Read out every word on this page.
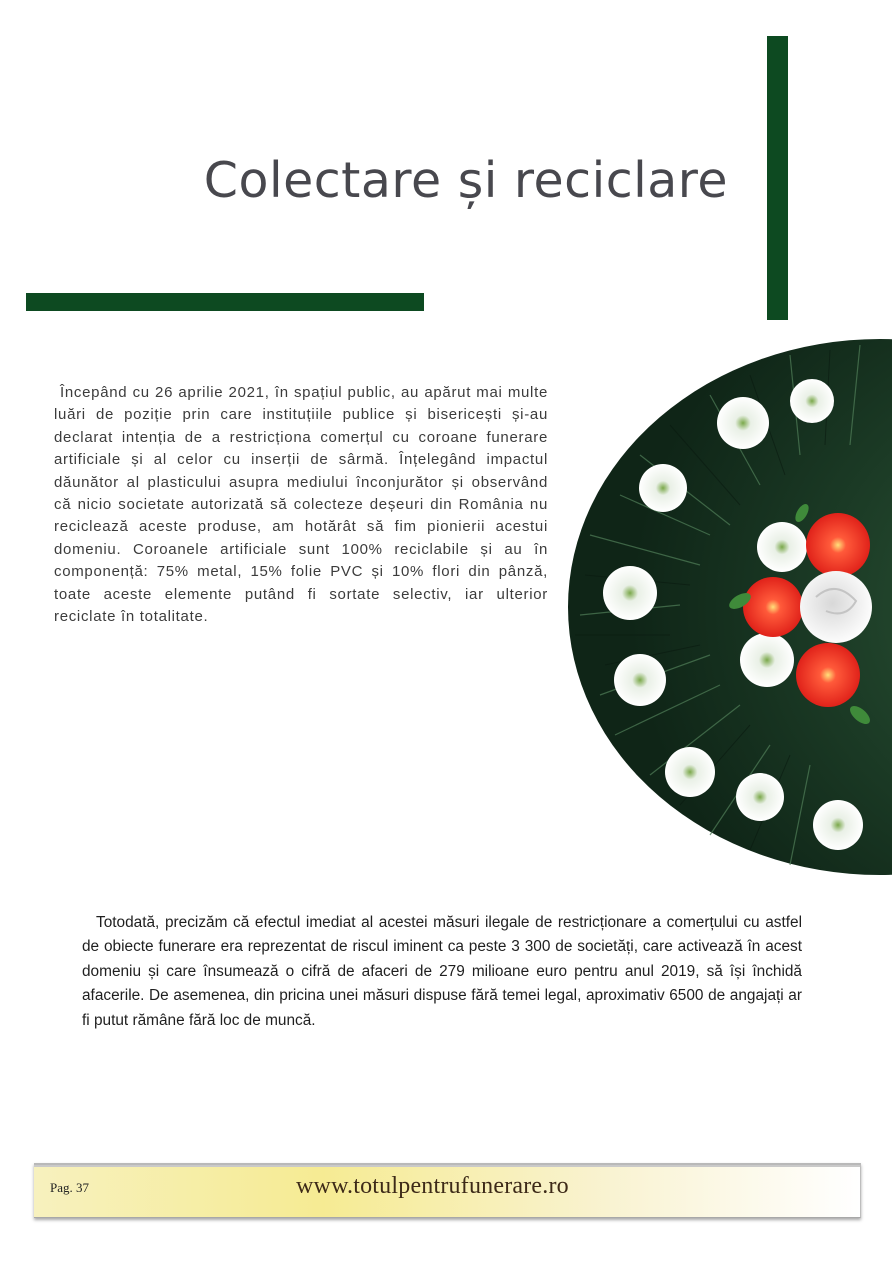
Colectare și reciclare
Începând cu 26 aprilie 2021, în spațiul public, au apărut mai multe luări de poziție prin care instituțiile publice și bisericești și-au declarat intenția de a restricționa comerțul cu coroane funerare artificiale și al celor cu inserții de sârmă. Înțelegând impactul dăunător al plasticului asupra mediului înconjurător și observând că nicio societate autorizată să colecteze deșeuri din România nu reciclează aceste produse, am hotărât să fim pionierii acestui domeniu. Coroanele artificiale sunt 100% reciclabile și au în componență: 75% metal, 15% folie PVC și 10% flori din pânză, toate aceste elemente putând fi sortate selectiv, iar ulterior reciclate în totalitate.
Totodată, precizăm că efectul imediat al acestei măsuri ilegale de restricționare a comerțului cu astfel de obiecte funerare era reprezentat de riscul iminent ca peste 3 300 de societăți, care activează în acest domeniu și care însumează o cifră de afaceri de 279 milioane euro pentru anul 2019, să își închidă afacerile. De asemenea, din pricina unei măsuri dispuse fără temei legal, aproximativ 6500 de angajați ar fi putut rămâne fără loc de muncă.
Pag. 37	www.totulpentrufunerare.ro
